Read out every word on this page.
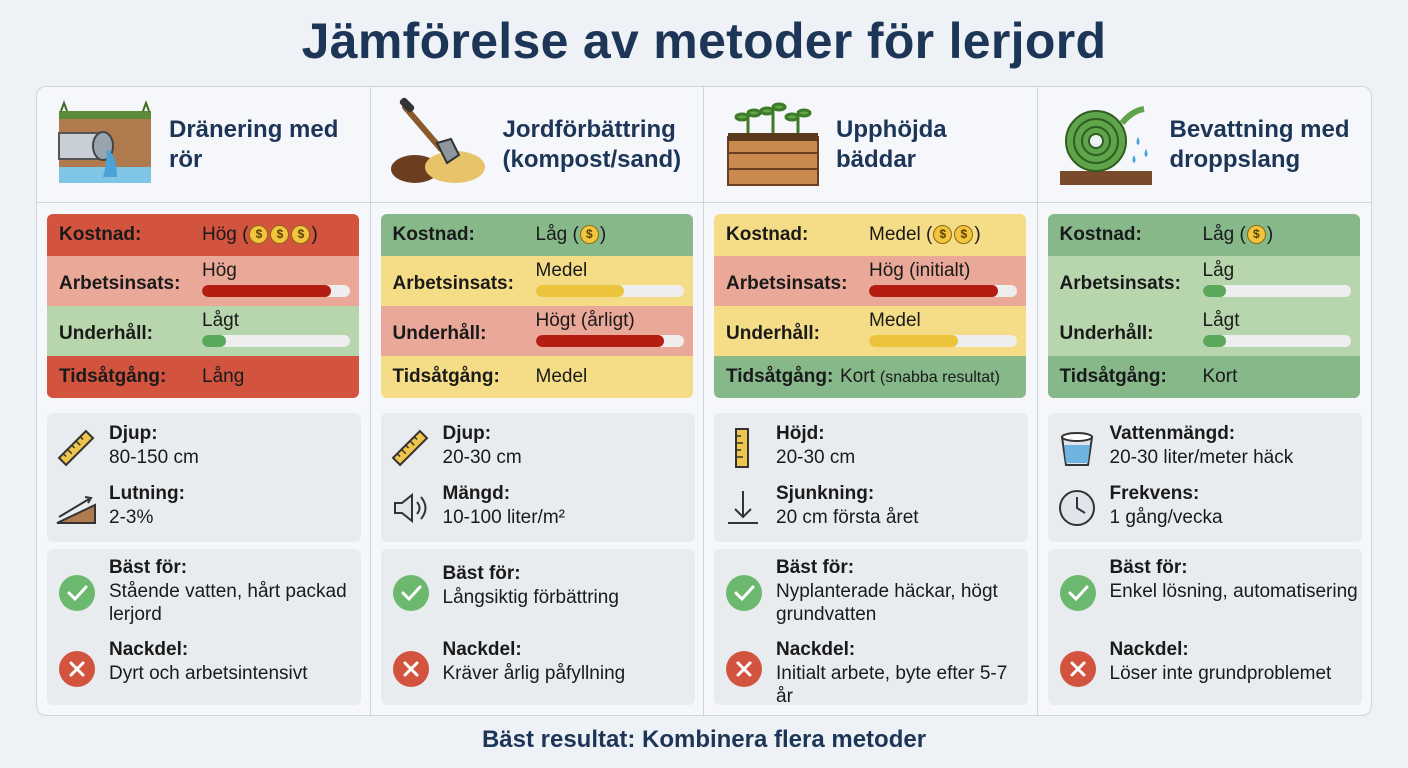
Jämförelse av metoder för lerjord
Dränering med rör
Kostnad:	Hög ( $ $ $ )
Arbetsinsats:
Hög
Underhåll:
Lågt
Tidsåtgång: Lång
Djup:
80-150 cm
Lutning:
2-3%
Bäst för:
Stående vatten, hårt packad lerjord
Nackdel:
Dyrt och arbetsintensivt
Jordförbättring (kompost/sand)
Kostnad:	Låg ( $ )
Arbetsinsats:
Medel
Underhåll:
Högt (årligt)
Tidsåtgång: Medel
Djup:
20-30 cm
Mängd:
10-100 liter/m²
Bäst för:
Långsiktig förbättring
Nackdel:
Kräver årlig påfyllning
Upphöjda bäddar
Kostnad:	Medel ( $ $ )
Arbetsinsats:
Hög (initialt)
Underhåll:
Medel
Tidsåtgång: Kort (snabba resultat)
Höjd:
20-30 cm
Sjunkning:
20 cm första året
Bäst för:
Nyplanterade häckar, högt grundvatten
Nackdel:
Initialt arbete, byte efter 5-7 år
Bevattning med droppslang
Kostnad:	Låg ( $ )
Arbetsinsats:
Låg
Underhåll:
Lågt
Tidsåtgång: Kort
Vattenmängd:
20-30 liter/meter häck
Frekvens:
1 gång/vecka
Bäst för:
Enkel lösning, automatisering
Nackdel:
Löser inte grundproblemet
Bäst resultat: Kombinera flera metoder
